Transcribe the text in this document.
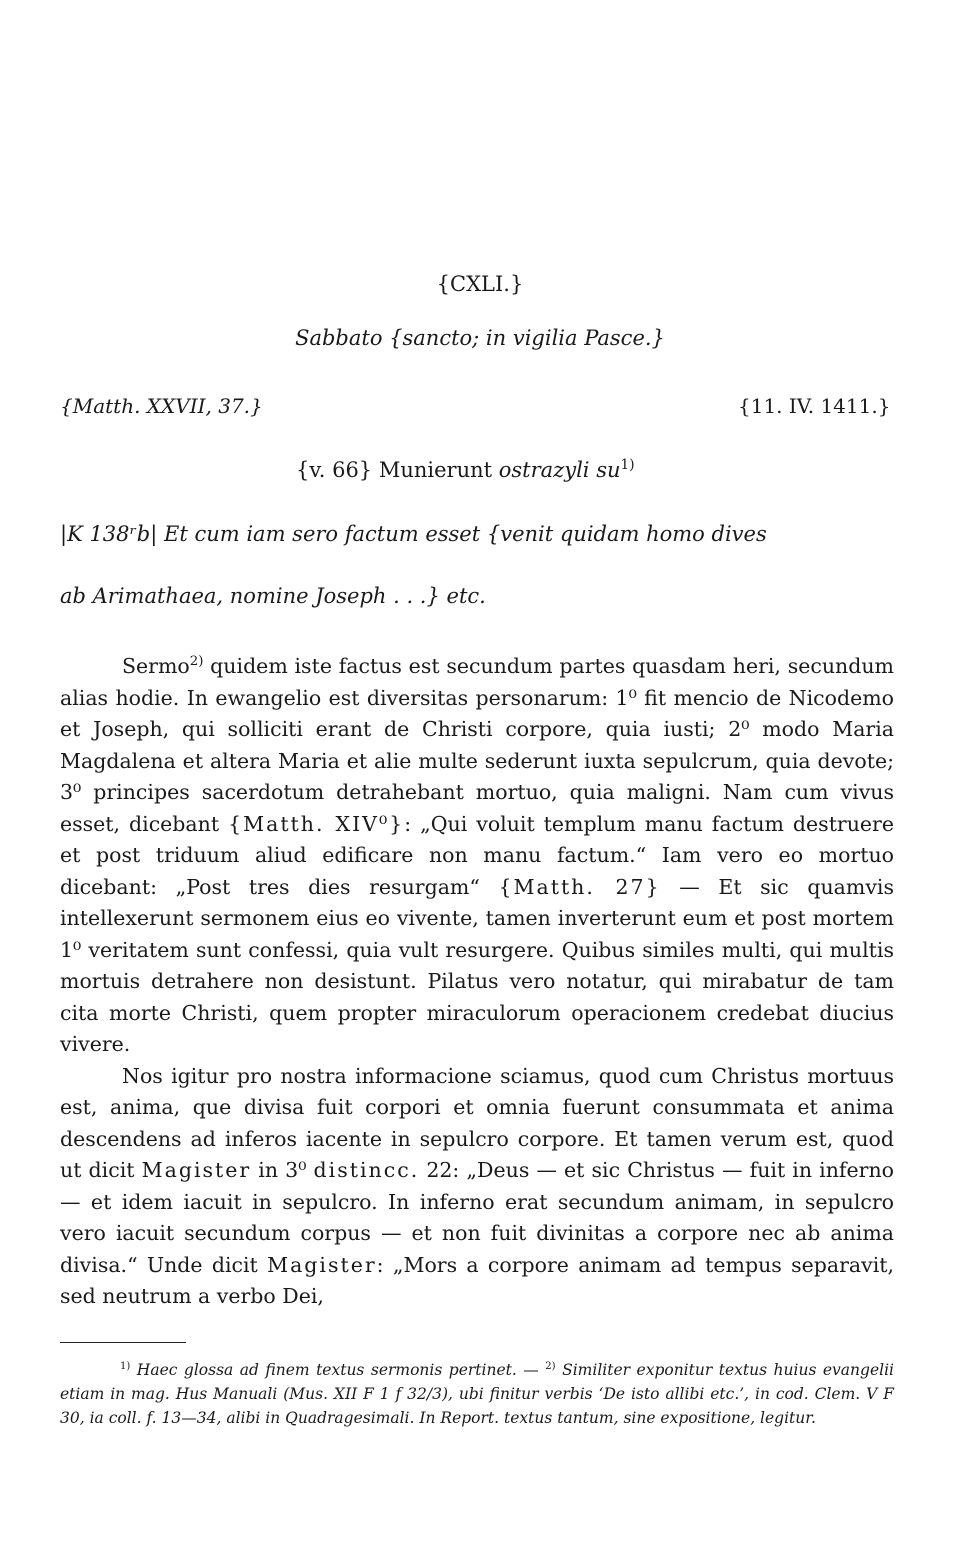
{CXLI.}
Sabbato {sancto; in vigilia Pasce.}
{Matth. XXVII, 37.}	{11. IV. 1411.}
{v. 66} Munierunt ostrazyli $su^{1)}$
|K 138ʳb| Et cum iam sero factum esset {venit quidam homo dives
ab Arimathaea, nomine Joseph . . .} etc.

Sermo$^{2)}$ quidem iste factus est secundum partes quasdam heri, secundum alias hodie. In ewangelio est diversitas personarum: 1⁰ fit mencio de Nicodemo et Joseph, qui solliciti erant de Christi corpore, quia iusti; 2⁰ modo Maria Magdalena et altera Maria et alie multe sederunt iuxta sepulcrum, quia devote; 3⁰ principes sacerdotum detrahebant mortuo, quia maligni. Nam cum vivus esset, dicebant {Matth. XIV⁰}: „Qui voluit templum manu factum destruere et post triduum aliud edificare non manu factum.“ Iam vero eo mortuo dicebant: „Post tres dies resurgam“ {Matth. 27} — Et sic quamvis intellexerunt sermonem eius eo vivente, tamen inverterunt eum et post mortem 1⁰ veritatem sunt confessi, quia vult resurgere. Quibus similes multi, qui multis mortuis detrahere non desistunt. Pilatus vero notatur, qui mirabatur de tam cita morte Christi, quem propter miraculorum operacionem credebat diucius vivere.

Nos igitur pro nostra informacione sciamus, quod cum Christus mortuus est, anima, que divisa fuit corpori et omnia fuerunt consummata et anima descendens ad inferos iacente in sepulcro corpore. Et tamen verum est, quod ut dicit Magister in 3⁰ distincc. 22: „Deus — et sic Christus — fuit in inferno — et idem iacuit in sepulcro. In inferno erat secundum animam, in sepulcro vero iacuit secundum corpus — et non fuit divinitas a corpore nec ab anima divisa.“ Unde dicit Magister: „Mors a corpore animam ad tempus separavit, sed neutrum a verbo Dei,

$^{1)}$ Haec glossa ad finem textus sermonis pertinet. — $^{2)}$ Similiter exponitur textus huius evangelii etiam in mag. Hus Manuali (Mus. XII F 1 f 32/3), ubi finitur verbis ‘De isto allibi etc.’, in cod. Clem. V F 30, ia coll. f. 13—34, alibi in Quadragesimali. In Report. textus tantum, sine expositione, legitur.
